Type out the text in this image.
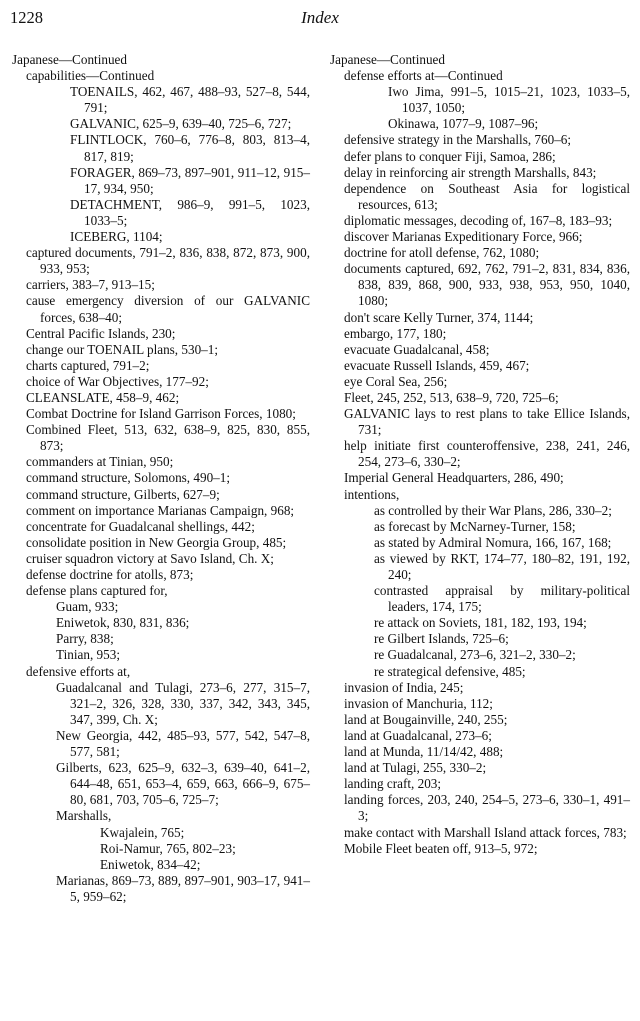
1228	Index
Japanese—Continued
capabilities—Continued
TOENAILS, 462, 467, 488–93, 527–8, 544, 791;
GALVANIC, 625–9, 639–40, 725–6, 727;
FLINTLOCK, 760–6, 776–8, 803, 813–4, 817, 819;
FORAGER, 869–73, 897–901, 911–12, 915–17, 934, 950;
DETACHMENT, 986–9, 991–5, 1023, 1033–5;
ICEBERG, 1104;
captured documents, 791–2, 836, 838, 872, 873, 900, 933, 953;
carriers, 383–7, 913–15;
cause emergency diversion of our GALVANIC forces, 638–40;
Central Pacific Islands, 230;
change our TOENAIL plans, 530–1;
charts captured, 791–2;
choice of War Objectives, 177–92;
CLEANSLATE, 458–9, 462;
Combat Doctrine for Island Garrison Forces, 1080;
Combined Fleet, 513, 632, 638–9, 825, 830, 855, 873;
commanders at Tinian, 950;
command structure, Solomons, 490–1;
command structure, Gilberts, 627–9;
comment on importance Marianas Campaign, 968;
concentrate for Guadalcanal shellings, 442;
consolidate position in New Georgia Group, 485;
cruiser squadron victory at Savo Island, Ch. X;
defense doctrine for atolls, 873;
defense plans captured for,
Guam, 933;
Eniwetok, 830, 831, 836;
Parry, 838;
Tinian, 953;
defensive efforts at,
Guadalcanal and Tulagi, 273–6, 277, 315–7, 321–2, 326, 328, 330, 337, 342, 343, 345, 347, 399, Ch. X;
New Georgia, 442, 485–93, 577, 542, 547–8, 577, 581;
Gilberts, 623, 625–9, 632–3, 639–40, 641–2, 644–48, 651, 653–4, 659, 663, 666–9, 675–80, 681, 703, 705–6, 725–7;
Marshalls,
Kwajalein, 765;
Roi-Namur, 765, 802–23;
Eniwetok, 834–42;
Marianas, 869–73, 889, 897–901, 903–17, 941–5, 959–62;
Japanese—Continued
defense efforts at—Continued
Iwo Jima, 991–5, 1015–21, 1023, 1033–5, 1037, 1050;
Okinawa, 1077–9, 1087–96;
defensive strategy in the Marshalls, 760–6;
defer plans to conquer Fiji, Samoa, 286;
delay in reinforcing air strength Marshalls, 843;
dependence on Southeast Asia for logistical resources, 613;
diplomatic messages, decoding of, 167–8, 183–93;
discover Marianas Expeditionary Force, 966;
doctrine for atoll defense, 762, 1080;
documents captured, 692, 762, 791–2, 831, 834, 836, 838, 839, 868, 900, 933, 938, 953, 950, 1040, 1080;
don't scare Kelly Turner, 374, 1144;
embargo, 177, 180;
evacuate Guadalcanal, 458;
evacuate Russell Islands, 459, 467;
eye Coral Sea, 256;
Fleet, 245, 252, 513, 638–9, 720, 725–6;
GALVANIC lays to rest plans to take Ellice Islands, 731;
help initiate first counteroffensive, 238, 241, 246, 254, 273–6, 330–2;
Imperial General Headquarters, 286, 490;
intentions,
as controlled by their War Plans, 286, 330–2;
as forecast by McNarney-Turner, 158;
as stated by Admiral Nomura, 166, 167, 168;
as viewed by RKT, 174–77, 180–82, 191, 192, 240;
contrasted appraisal by military-political leaders, 174, 175;
re attack on Soviets, 181, 182, 193, 194;
re Gilbert Islands, 725–6;
re Guadalcanal, 273–6, 321–2, 330–2;
re strategical defensive, 485;
invasion of India, 245;
invasion of Manchuria, 112;
land at Bougainville, 240, 255;
land at Guadalcanal, 273–6;
land at Munda, 11/14/42, 488;
land at Tulagi, 255, 330–2;
landing craft, 203;
landing forces, 203, 240, 254–5, 273–6, 330–1, 491–3;
make contact with Marshall Island attack forces, 783;
Mobile Fleet beaten off, 913–5, 972;
